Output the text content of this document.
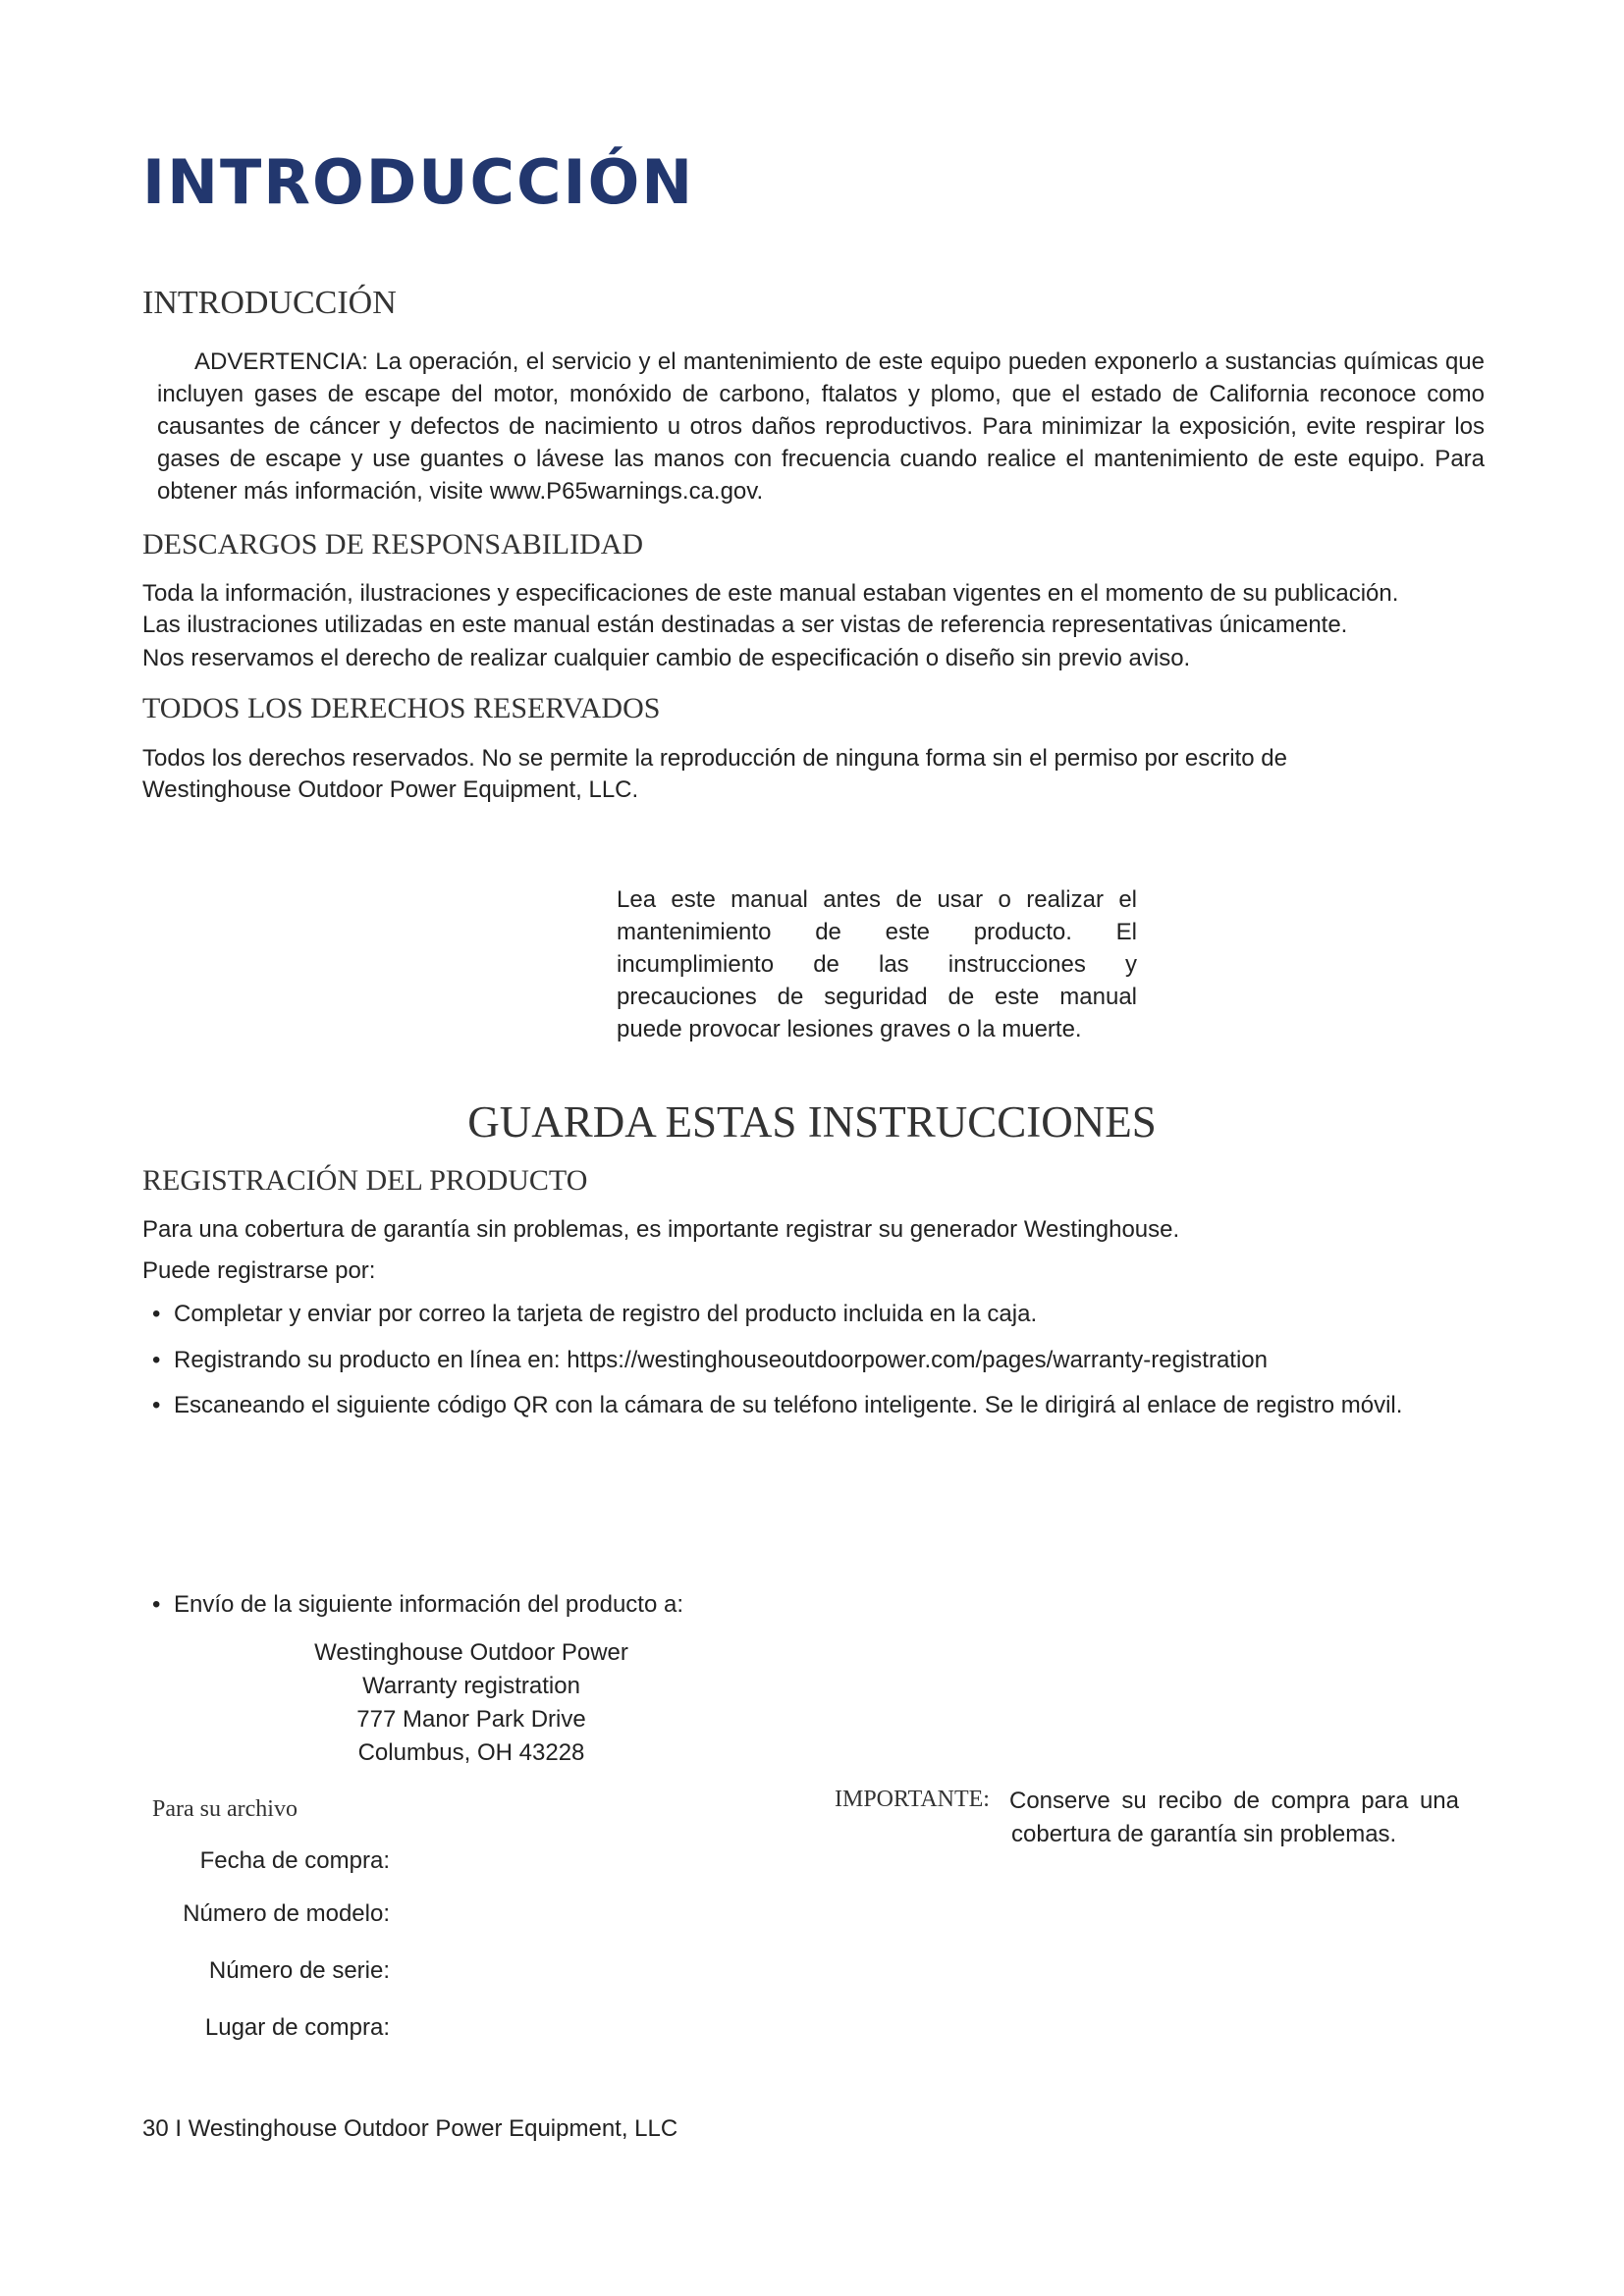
INTRODUCCIÓN
INTRODUCCIÓN

ADVERTENCIA: La operación, el servicio y el mantenimiento de este equipo pueden exponerlo a sustancias químicas que incluyen gases de escape del motor, monóxido de carbono, ftalatos y plomo, que el estado de California reconoce como causantes de cáncer y defectos de nacimiento u otros daños reproductivos. Para minimizar la exposición, evite respirar los gases de escape y use guantes o lávese las manos con frecuencia cuando realice el mantenimiento de este equipo. Para obtener más información, visite www.P65warnings.ca.gov.

DESCARGOS DE RESPONSABILIDAD
Toda la información, ilustraciones y especificaciones de este manual estaban vigentes en el momento de su publicación.
Las ilustraciones utilizadas en este manual están destinadas a ser vistas de referencia representativas únicamente.
Nos reservamos el derecho de realizar cualquier cambio de especificación o diseño sin previo aviso.
TODOS LOS DERECHOS RESERVADOS
Todos los derechos reservados. No se permite la reproducción de ninguna forma sin el permiso por escrito de
Westinghouse Outdoor Power Equipment, LLC.

Lea este manual antes de usar o realizar el mantenimiento de este producto. El incumplimiento de las instrucciones y precauciones de seguridad de este manual puede provocar lesiones graves o la muerte.

GUARDA ESTAS INSTRUCCIONES
REGISTRACIÓN DEL PRODUCTO
Para una cobertura de garantía sin problemas, es importante registrar su generador Westinghouse.
Puede registrarse por:
• Completar y enviar por correo la tarjeta de registro del producto incluida en la caja.
• Registrando su producto en línea en: https://westinghouseoutdoorpower.com/pages/warranty-registration
• Escaneando el siguiente código QR con la cámara de su teléfono inteligente. Se le dirigirá al enlace de registro móvil.
• Envío de la siguiente información del producto a:
Westinghouse Outdoor Power
Warranty registration
777 Manor Park Drive
Columbus, OH 43228
Para su archivo
Fecha de compra:
Número de modelo:
Número de serie:
Lugar de compra:
IMPORTANTE: Conserve su recibo de compra para una cobertura de garantía sin problemas.

30 I Westinghouse Outdoor Power Equipment, LLC
